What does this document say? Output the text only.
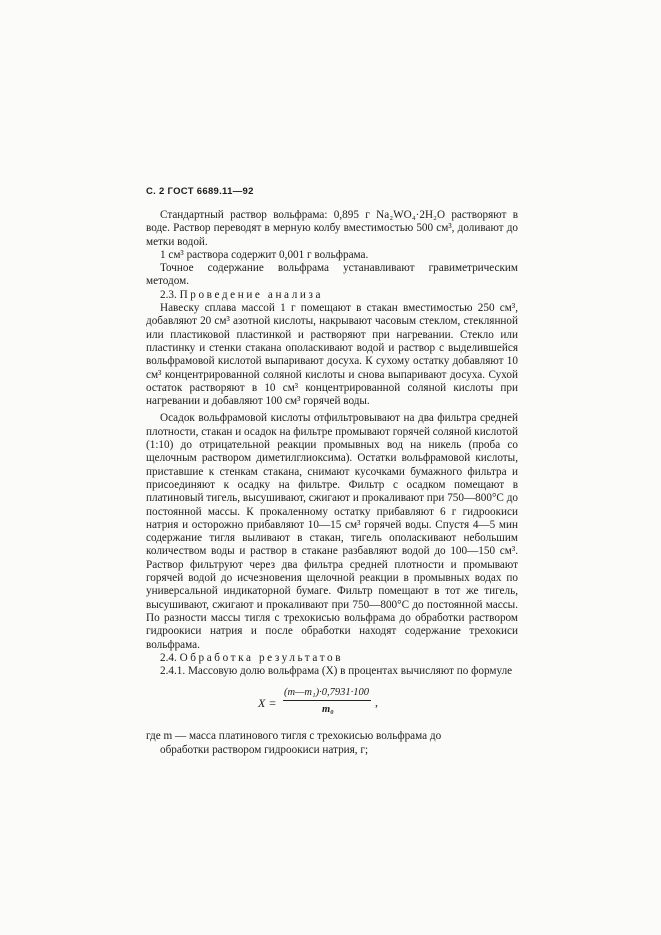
С. 2 ГОСТ 6689.11—92

Стандартный раствор вольфрама: 0,895 г Na₂WO₄·2H₂O растворяют в воде. Раствор переводят в мерную колбу вместимостью 500 см³, доливают до метки водой.

1 см³ раствора содержит 0,001 г вольфрама.

Точное содержание вольфрама устанавливают гравиметрическим методом.

2.3. Проведение анализа

Навеску сплава массой 1 г помещают в стакан вместимостью 250 см³, добавляют 20 см³ азотной кислоты, накрывают часовым стеклом, стеклянной или пластиковой пластинкой и растворяют при нагревании. Стекло или пластинку и стенки стакана ополаскивают водой и раствор с выделившейся вольфрамовой кислотой выпаривают досуха. К сухому остатку добавляют 10 см³ концентрированной соляной кислоты и снова выпаривают досуха. Сухой остаток растворяют в 10 см³ концентрированной соляной кислоты при нагревании и добавляют 100 см³ горячей воды.

Осадок вольфрамовой кислоты отфильтровывают на два фильтра средней плотности, стакан и осадок на фильтре промывают горячей соляной кислотой (1:10) до отрицательной реакции промывных вод на никель (проба со щелочным раствором диметилглиоксима). Остатки вольфрамовой кислоты, приставшие к стенкам стакана, снимают кусочками бумажного фильтра и присоединяют к осадку на фильтре. Фильтр с осадком помещают в платиновый тигель, высушивают, сжигают и прокаливают при 750—800°С до постоянной массы. К прокаленному остатку прибавляют 6 г гидроокиси натрия и осторожно прибавляют 10—15 см³ горячей воды. Спустя 4—5 мин содержание тигля выливают в стакан, тигель ополаскивают небольшим количеством воды и раствор в стакане разбавляют водой до 100—150 см³. Раствор фильтруют через два фильтра средней плотности и промывают горячей водой до исчезновения щелочной реакции в промывных водах по универсальной индикаторной бумаге. Фильтр помещают в тот же тигель, высушивают, сжигают и прокаливают при 750—800°С до постоянной массы. По разности массы тигля с трехокисью вольфрама до обработки раствором гидроокиси натрия и после обработки находят содержание трехокиси вольфрама.

2.4. Обработка результатов

2.4.1. Массовую долю вольфрама (X) в процентах вычисляют по формуле

X =
(m—m₁)·0,7931·100
m₀
,

где m — масса платинового тигля с трехокисью вольфрама до
обработки раствором гидроокиси натрия, г;
